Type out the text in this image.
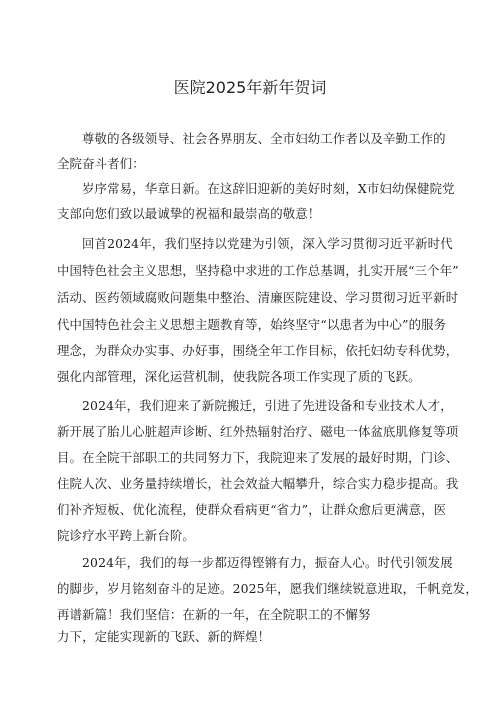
医院2025年新年贺词
尊敬的各级领导、社会各界朋友、全市妇幼工作者以及辛勤工作的
全院奋斗者们：
岁序常易，华章日新。在这辞旧迎新的美好时刻，X市妇幼保健院党
支部向您们致以最诚挚的祝福和最崇高的敬意！
回首2024年，我们坚持以党建为引领，深入学习贯彻习近平新时代
中国特色社会主义思想，坚持稳中求进的工作总基调，扎实开展“三个年”
活动、医药领域腐败问题集中整治、清廉医院建设、学习贯彻习近平新时
代中国特色社会主义思想主题教育等，始终坚守“以患者为中心”的服务
理念，为群众办实事、办好事，围绕全年工作目标，依托妇幼专科优势，
强化内部管理，深化运营机制，使我院各项工作实现了质的飞跃。
2024年，我们迎来了新院搬迁，引进了先进设备和专业技术人才，
新开展了胎儿心脏超声诊断、红外热辐射治疗、磁电一体盆底肌修复等项
目。在全院干部职工的共同努力下，我院迎来了发展的最好时期，门诊、
住院人次、业务量持续增长，社会效益大幅攀升，综合实力稳步提高。我
们补齐短板、优化流程，使群众看病更“省力”，让群众愈后更满意，医
院诊疗水平跨上新台阶。
2024年，我们的每一步都迈得铿锵有力，振奋人心。时代引领发展
的脚步，岁月铭刻奋斗的足迹。2025年，愿我们继续锐意进取，千帆竞发，
再谱新篇！我们坚信：在新的一年，在全院职工的不懈努
力下，定能实现新的飞跃、新的辉煌！
